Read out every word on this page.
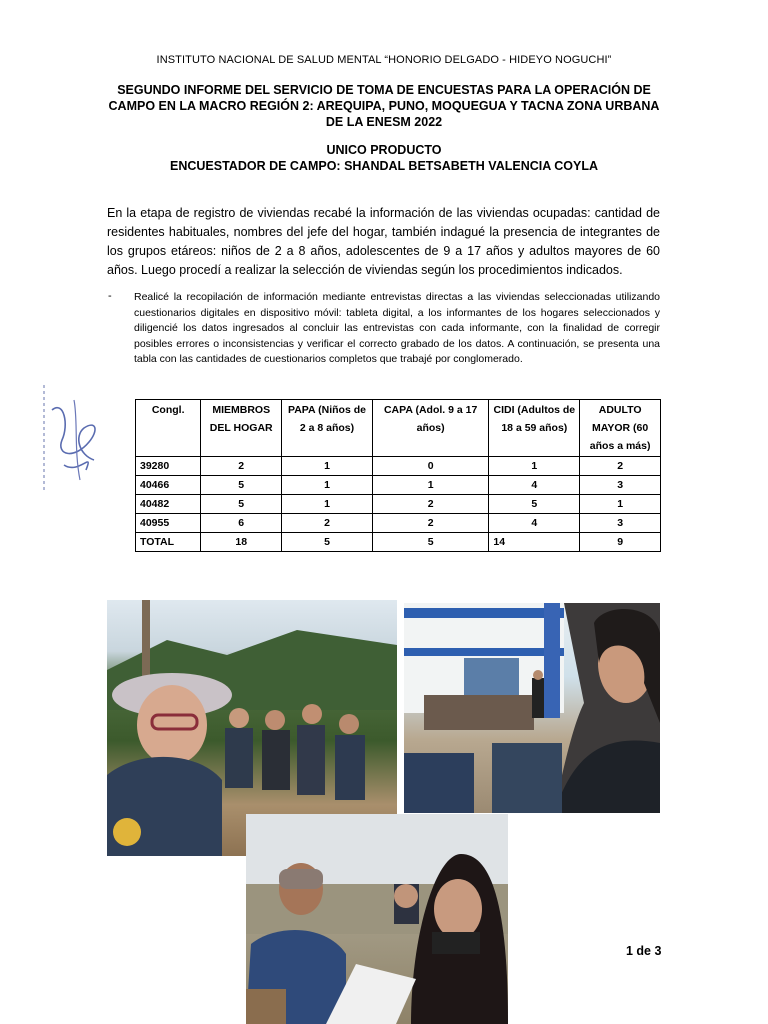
INSTITUTO NACIONAL DE SALUD MENTAL “HONORIO DELGADO - HIDEYO NOGUCHI”
SEGUNDO INFORME DEL SERVICIO DE TOMA DE ENCUESTAS PARA LA OPERACIÓN DE CAMPO EN LA MACRO REGIÓN 2: AREQUIPA, PUNO, MOQUEGUA Y TACNA ZONA URBANA DE LA ENESM 2022
UNICO PRODUCTO
ENCUESTADOR DE CAMPO: SHANDAL BETSABETH VALENCIA COYLA
En la etapa de registro de viviendas recabé la información de las viviendas ocupadas: cantidad de residentes habituales, nombres del jefe del hogar, también indagué la presencia de integrantes de los grupos etáreos: niños de 2 a 8 años, adolescentes de 9 a 17 años y adultos mayores de 60 años. Luego procedí a realizar la selección de viviendas según los procedimientos indicados.
- Realicé la recopilación de información mediante entrevistas directas a las viviendas seleccionadas utilizando cuestionarios digitales en dispositivo móvil: tableta digital, a los informantes de los hogares seleccionados y diligencié los datos ingresados al concluir las entrevistas con cada informante, con la finalidad de corregir posibles errores o inconsistencias y verificar el correcto grabado de los datos. A continuación, se presenta una tabla con las cantidades de cuestionarios completos que trabajé por conglomerado.
Congl.	MIEMBROS DEL HOGAR	PAPA (Niños de 2 a 8 años)	CAPA (Adol. 9 a 17 años)	CIDI (Adultos de 18 a 59 años)	ADULTO MAYOR (60 años a más)
39280	2	1	0	1	2
40466	5	1	1	4	3
40482	5	1	2	5	1
40955	6	2	2	4	3
TOTAL	18	5	5	14	9
1 de 3
